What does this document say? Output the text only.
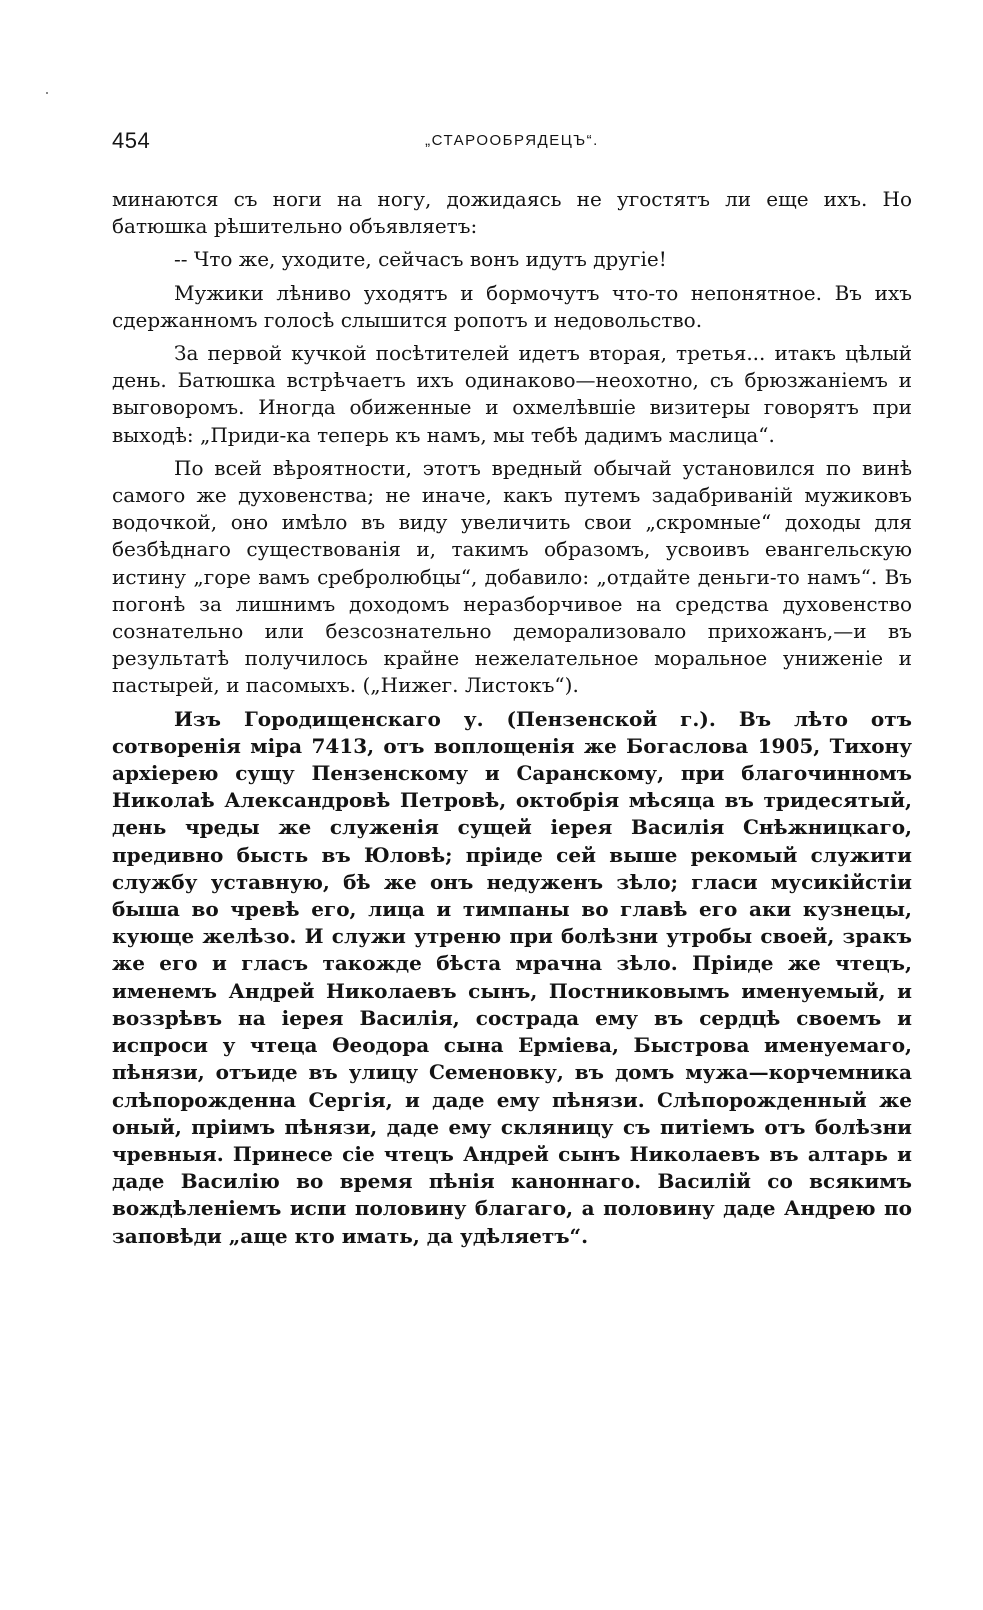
454	„СТАРООБРЯДЕЦЪ“.

минаются съ ноги на ногу, дожидаясь не угостятъ ли еще ихъ. Но батюшка рѣшительно объявляетъ:

-- Что же, уходите, сейчасъ вонъ идутъ другіе!

Мужики лѣниво уходятъ и бормочутъ что-то непонятное. Въ ихъ сдержанномъ голосѣ слышится ропотъ и недовольство.

За первой кучкой посѣтителей идетъ вторая, третья... итакъ цѣлый день. Батюшка встрѣчаетъ ихъ одинаково—неохотно, съ брюзжаніемъ и выговоромъ. Иногда обиженные и охмелѣвшіе визитеры говорятъ при выходѣ: „Приди-ка теперь къ намъ, мы тебѣ дадимъ маслица“.

По всей вѣроятности, этотъ вредный обычай установился по винѣ самого же духовенства; не иначе, какъ путемъ задабриваній мужиковъ водочкой, оно имѣло въ виду увеличить свои „скромные“ доходы для безбѣднаго существованія и, такимъ образомъ, усвоивъ евангельскую истину „горе вамъ сребролюбцы“, добавило: „отдайте деньги-то намъ“. Въ погонѣ за лишнимъ доходомъ неразборчивое на средства духовенство сознательно или безсознательно деморализовало прихожанъ,—и въ результатѣ получилось крайне нежелательное моральное униженіе и пастырей, и пасомыхъ. („Нижег. Листокъ“).

Изъ Городищенскаго у. (Пензенской г.). Въ лѣто отъ сотворенія міра 7413, отъ воплощенія же Богаслова 1905, Тихону архіерею сущу Пензенскому и Саранскому, при благочинномъ Николаѣ Александровѣ Петровѣ, октобрія мѣсяца въ тридесятый, день чреды же служенія сущей іерея Василія Снѣжницкаго, предивно бысть въ Юловѣ; пріиде сей выше рекомый служити службу уставную, бѣ же онъ недуженъ зѣло; гласи мусикійстіи быша во чревѣ его, лица и тимпаны во главѣ его аки кузнецы, кующе желѣзо. И служи утреню при болѣзни утробы своей, зракъ же его и гласъ такожде бѣста мрачна зѣло. Пріиде же чтецъ, именемъ Андрей Николаевъ сынъ, Постниковымъ именуемый, и воззрѣвъ на іерея Василія, сострада ему въ сердцѣ своемъ и испроси у чтеца Ѳеодора сына Ерміева, Быстрова именуемаго, пѣнязи, отъиде въ улицу Семеновку, въ домъ мужа—корчемника слѣпорожденна Сергія, и даде ему пѣнязи. Слѣпорожденный же оный, пріимъ пѣнязи, даде ему скляницу съ питіемъ отъ болѣзни чревныя. Принесе сіе чтецъ Андрей сынъ Николаевъ въ алтарь и даде Василію во время пѣнія каноннаго. Василій со всякимъ вождѣленіемъ испи половину благаго, а половину даде Андрею по заповѣди „аще кто имать, да удѣляетъ“.
